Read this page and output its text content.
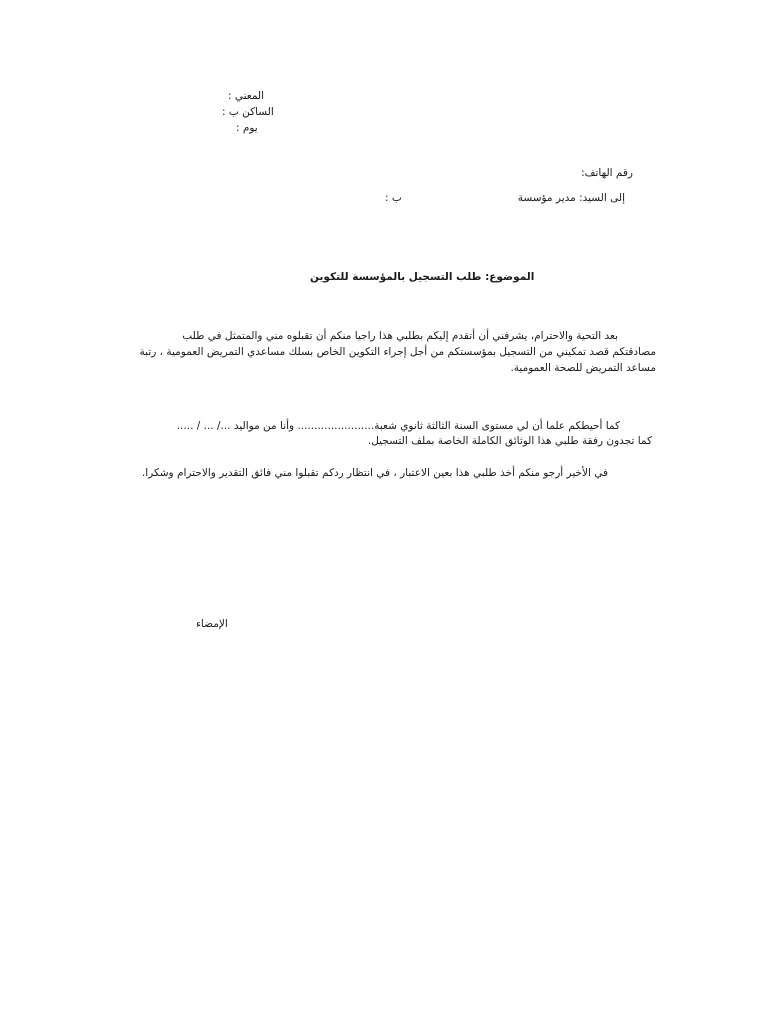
المعني :
الساكن ب :
يوم :
رقم الهاتف:
إلى السيد: مدير مؤسسة
ب :
الموضوع: طلب التسجيل بالمؤسسة للتكوين
بعد التحية والاحترام، يشرفني أن أتقدم إليكم بطلبي هذا راجيا منكم أن تقبلوه مني والمتمثل في طلب
مصادقتكم قصد تمكيني من التسجيل بمؤسستكم من أجل إجراء التكوين الخاص بسلك مساعدي التمريض العمومية ، رتبة
مساعد التمريض للصحة العمومية.
كما أحيطكم علما أن لي مستوى السنة الثالثة ثانوي شعبة....................... وأنا من مواليد .../ ... / .....
كما تجدون رفقة طلبي هذا الوثائق الكاملة الخاصة بملف التسجيل.
في الأخير أرجو منكم أخذ طلبي هذا بعين الاعتبار ، في انتظار ردكم تقبلوا مني فائق التقدير والاحترام وشكرا.
الإمضاء
